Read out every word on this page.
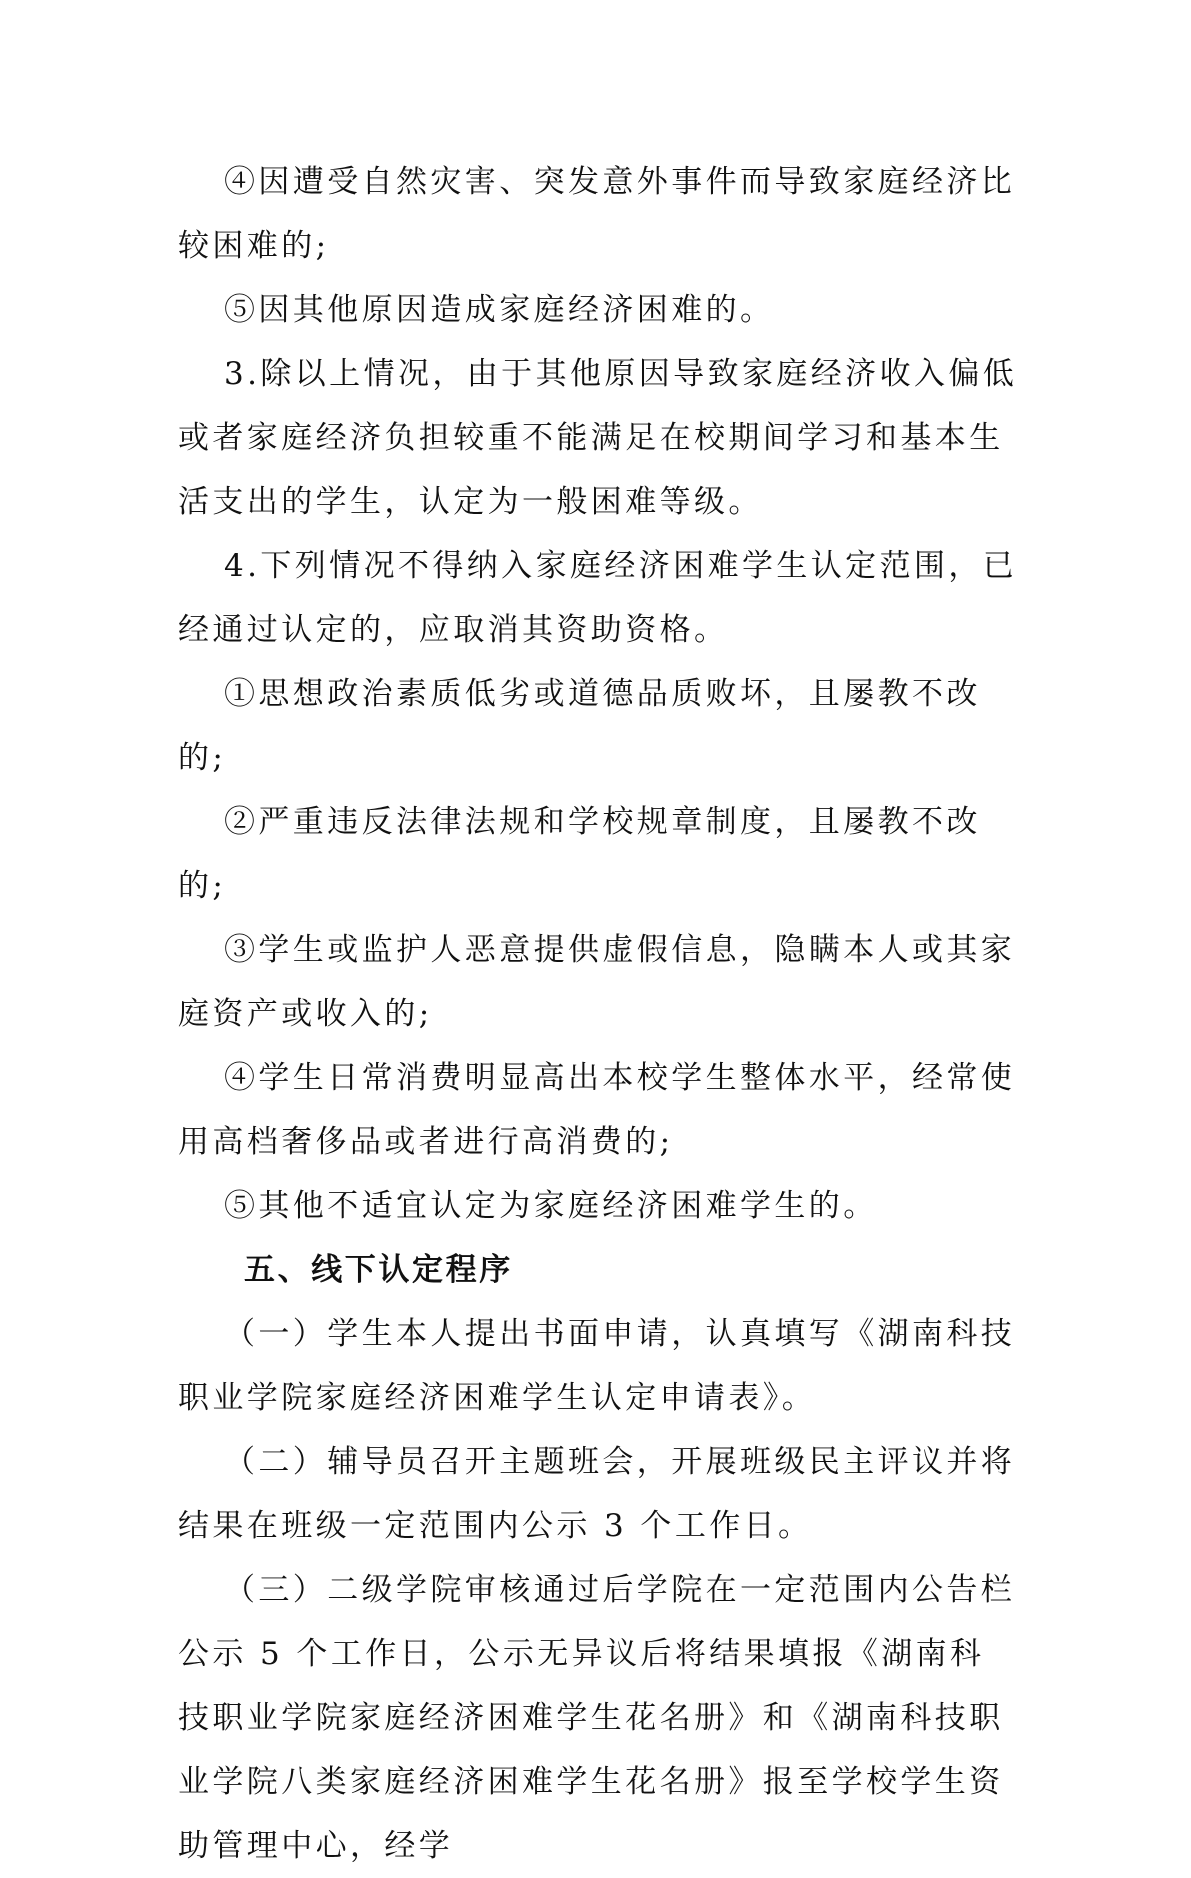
④因遭受自然灾害、突发意外事件而导致家庭经济比较困难的;

⑤因其他原因造成家庭经济困难的。

3.除以上情况，由于其他原因导致家庭经济收入偏低或者家庭经济负担较重不能满足在校期间学习和基本生活支出的学生，认定为一般困难等级。

4.下列情况不得纳入家庭经济困难学生认定范围，已经通过认定的，应取消其资助资格。

①思想政治素质低劣或道德品质败坏，且屡教不改的;

②严重违反法律法规和学校规章制度，且屡教不改的;

③学生或监护人恶意提供虚假信息，隐瞒本人或其家庭资产或收入的;

④学生日常消费明显高出本校学生整体水平，经常使用高档奢侈品或者进行高消费的;

⑤其他不适宜认定为家庭经济困难学生的。

五、线下认定程序

（一）学生本人提出书面申请，认真填写《湖南科技职业学院家庭经济困难学生认定申请表》。

（二）辅导员召开主题班会，开展班级民主评议并将结果在班级一定范围内公示 3 个工作日。

（三）二级学院审核通过后学院在一定范围内公告栏公示 5 个工作日，公示无异议后将结果填报《湖南科技职业学院家庭经济困难学生花名册》和《湖南科技职业学院八类家庭经济困难学生花名册》报至学校学生资助管理中心，经学
